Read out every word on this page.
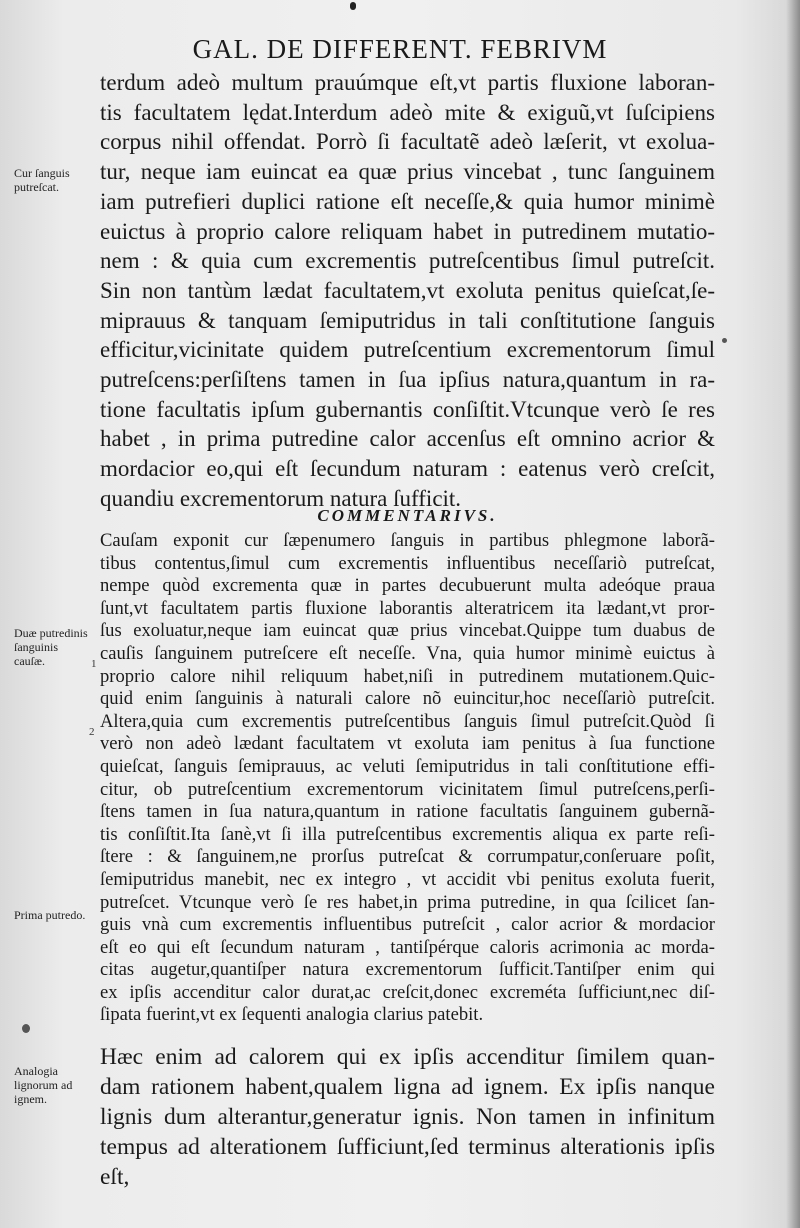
GAL. DE DIFFERENT. FEBRIVM
terdum adeò multum prauúmque eſt,vt partis fluxione laboran-
tis facultatem lędat.Interdum adeò mite & exiguũ,vt ſuſcipiens
corpus nihil offendat. Porrò ſi facultatẽ adeò læſerit, vt exolua-
tur, neque iam euincat ea quæ prius vincebat , tunc ſanguinem
iam putrefieri duplici ratione eſt neceſſe,& quia humor minimè
euictus à proprio calore reliquam habet in putredinem mutatio-
nem : & quia cum excrementis putreſcentibus ſimul putreſcit.
Sin non tantùm lædat facultatem,vt exoluta penitus quieſcat,ſe-
miprauus & tanquam ſemiputridus in tali conſtitutione ſanguis
efficitur,vicinitate quidem putreſcentium excrementorum ſimul
putreſcens:perſiſtens tamen in ſua ipſius natura,quantum in ra-
tione facultatis ipſum gubernantis conſiſtit.Vtcunque verò ſe res
habet , in prima putredine calor accenſus eſt omnino acrior &
mordacior eo,qui eſt ſecundum naturam : eatenus verò creſcit,
quandiu excrementorum natura ſufficit.
COMMENTARIVS.
Cauſam exponit cur ſæpenumero ſanguis in partibus phlegmone laborã-
tibus contentus,ſimul cum excrementis influentibus neceſſariò putreſcat,
nempe quòd excrementa quæ in partes decubuerunt multa adeóque praua
ſunt,vt facultatem partis fluxione laborantis alteratricem ita lædant,vt pror-
ſus exoluatur,neque iam euincat quæ prius vincebat.Quippe tum duabus de
cauſis ſanguinem putreſcere eſt neceſſe. Vna, quia humor minimè euictus à
proprio calore nihil reliquum habet,niſi in putredinem mutationem.Quic-
quid enim ſanguinis à naturali calore nõ euincitur,hoc neceſſariò putreſcit.
Altera,quia cum excrementis putreſcentibus ſanguis ſimul putreſcit.Quòd ſi
verò non adeò lædant facultatem vt exoluta iam penitus à ſua functione
quieſcat, ſanguis ſemiprauus, ac veluti ſemiputridus in tali conſtitutione effi-
citur, ob putreſcentium excrementorum vicinitatem ſimul putreſcens,perſi-
ſtens tamen in ſua natura,quantum in ratione facultatis ſanguinem gubernã-
tis conſiſtit.Ita ſanè,vt ſi illa putreſcentibus excrementis aliqua ex parte reſi-
ſtere : & ſanguinem,ne prorſus putreſcat & corrumpatur,conſeruare poſit,
ſemiputridus manebit, nec ex integro , vt accidit vbi penitus exoluta fuerit,
putreſcet. Vtcunque verò ſe res habet,in prima putredine, in qua ſcilicet ſan-
guis vnà cum excrementis influentibus putreſcit , calor acrior & mordacior
eſt eo qui eſt ſecundum naturam , tantiſpérque caloris acrimonia ac morda-
citas augetur,quantiſper natura excrementorum ſufficit.Tantiſper enim qui
ex ipſis accenditur calor durat,ac creſcit,donec excreméta ſufficiunt,nec diſ-
ſipata fuerint,vt ex ſequenti analogia clarius patebit.
Hæc enim ad calorem qui ex ipſis accenditur ſimilem quan-
dam rationem habent,qualem ligna ad ignem. Ex ipſis nanque
lignis dum alterantur,generatur ignis. Non tamen in infinitum
tempus ad alterationem ſufficiunt,ſed terminus alterationis ipſis
eſt,
Cur ſanguis putreſcat.
Duæ putredinis ſanguinis cauſæ.	1
2
Prima putredo.
Analogia lignorum ad ignem.
